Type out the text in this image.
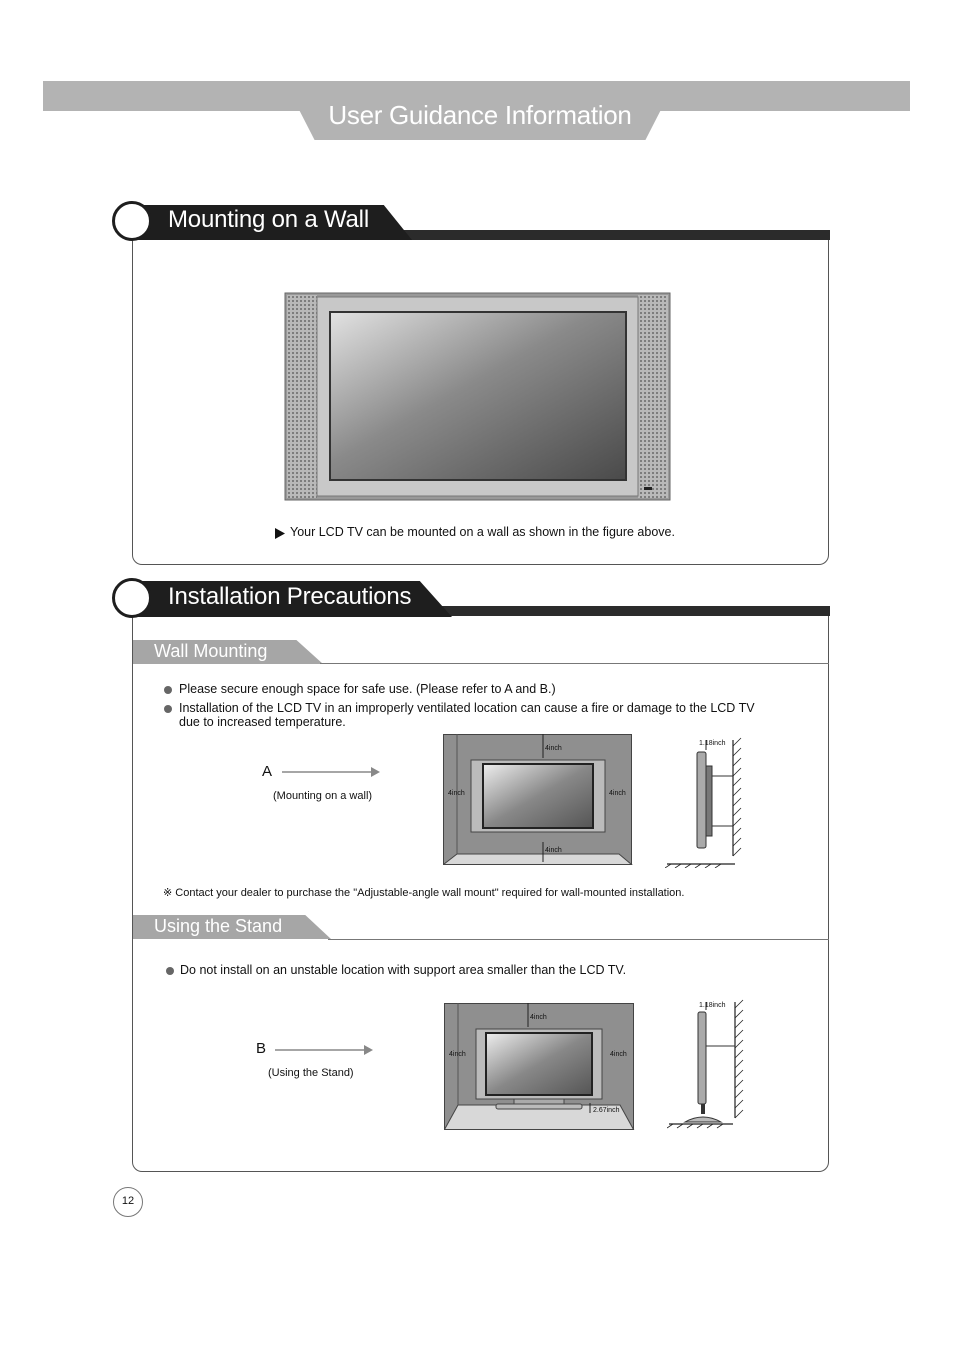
User Guidance Information
Mounting on a Wall
Your LCD TV can be mounted on a wall as shown in the figure above.
Installation Precautions
Wall Mounting
Please secure enough space for safe use. (Please refer to A and B.)
Installation of the LCD TV in an improperly ventilated location can cause a fire or damage to the LCD TV
due to increased temperature.
A
(Mounting on a wall)
4inch
4inch	4inch
4inch
1.18inch
※ Contact your dealer to purchase the "Adjustable-angle wall mount" required for wall-mounted installation.
Using the Stand
Do not install on an unstable location with support area smaller than the LCD TV.
B
(Using the Stand)
4inch
4inch	4inch
2.67inch
1.18inch
12
